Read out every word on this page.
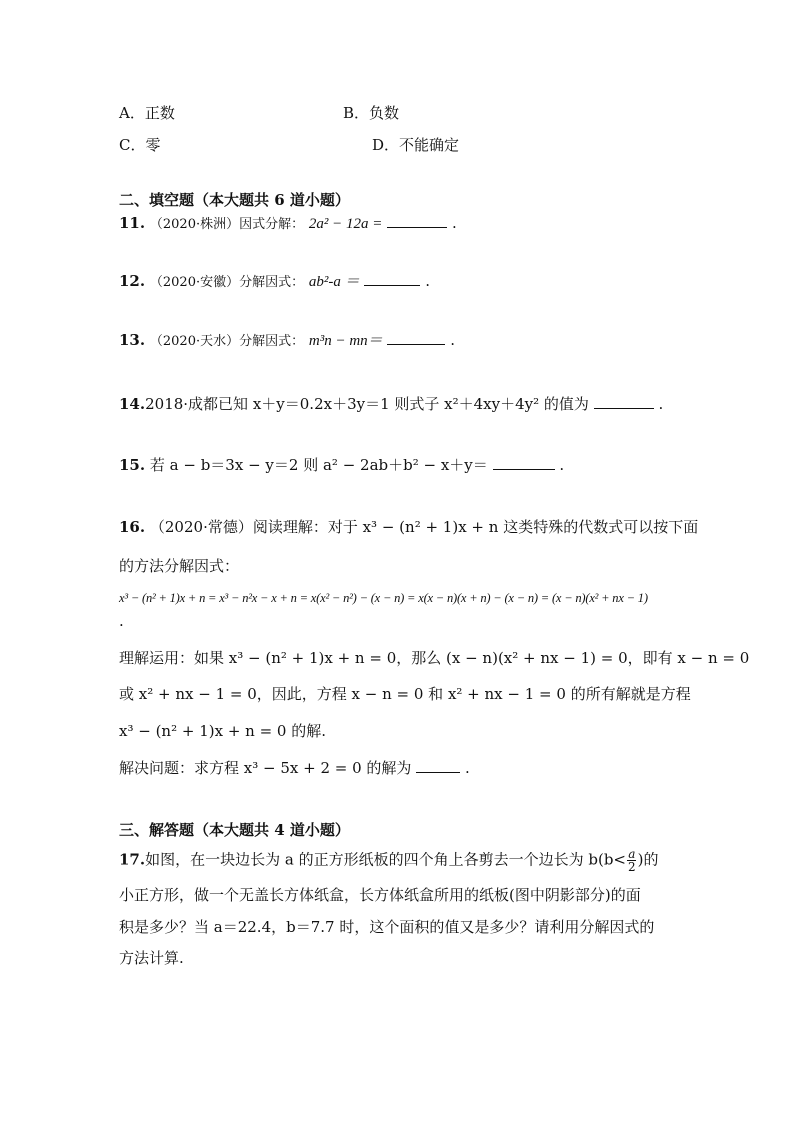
A．正数	B．负数
C．零	D．不能确定
二、填空题（本大题共 6 道小题）
11. （2020·株洲）因式分解： 2a² − 12a =	.
12. （2020·安徽）分解因式： ab²-a ＝	.
13. （2020·天水）分解因式： m³n − mn＝	.
14.2018·成都已知 x＋y＝0.2x＋3y＝1 则式子 x²＋4xy＋4y² 的值为	.
15. 若 a − b＝3x − y＝2 则 a² − 2ab＋b² − x＋y＝	.
16. （2020·常德）阅读理解：对于 x³ − (n² + 1)x + n 这类特殊的代数式可以按下面
的方法分解因式：
x³ − (n² + 1)x + n = x³ − n²x − x + n = x(x² − n²) − (x − n) = x(x − n)(x + n) − (x − n) = (x − n)(x² + nx − 1)
.
理解运用：如果 x³ − (n² + 1)x + n = 0，那么 (x − n)(x² + nx − 1) = 0，即有 x − n = 0
或 x² + nx − 1 = 0，因此，方程 x − n = 0 和 x² + nx − 1 = 0 的所有解就是方程
x³ − (n² + 1)x + n = 0 的解.
解决问题：求方程 x³ − 5x + 2 = 0 的解为	.
三、解答题（本大题共 4 道小题）
17.如图，在一块边长为 a 的正方形纸板的四个角上各剪去一个边长为 $b(b< \frac{a}{2}$ )的
小正方形，做一个无盖长方体纸盒，长方体纸盒所用的纸板(图中阴影部分)的面
积是多少？当 a＝22.4，b＝7.7 时，这个面积的值又是多少？请利用分解因式的
方法计算.
